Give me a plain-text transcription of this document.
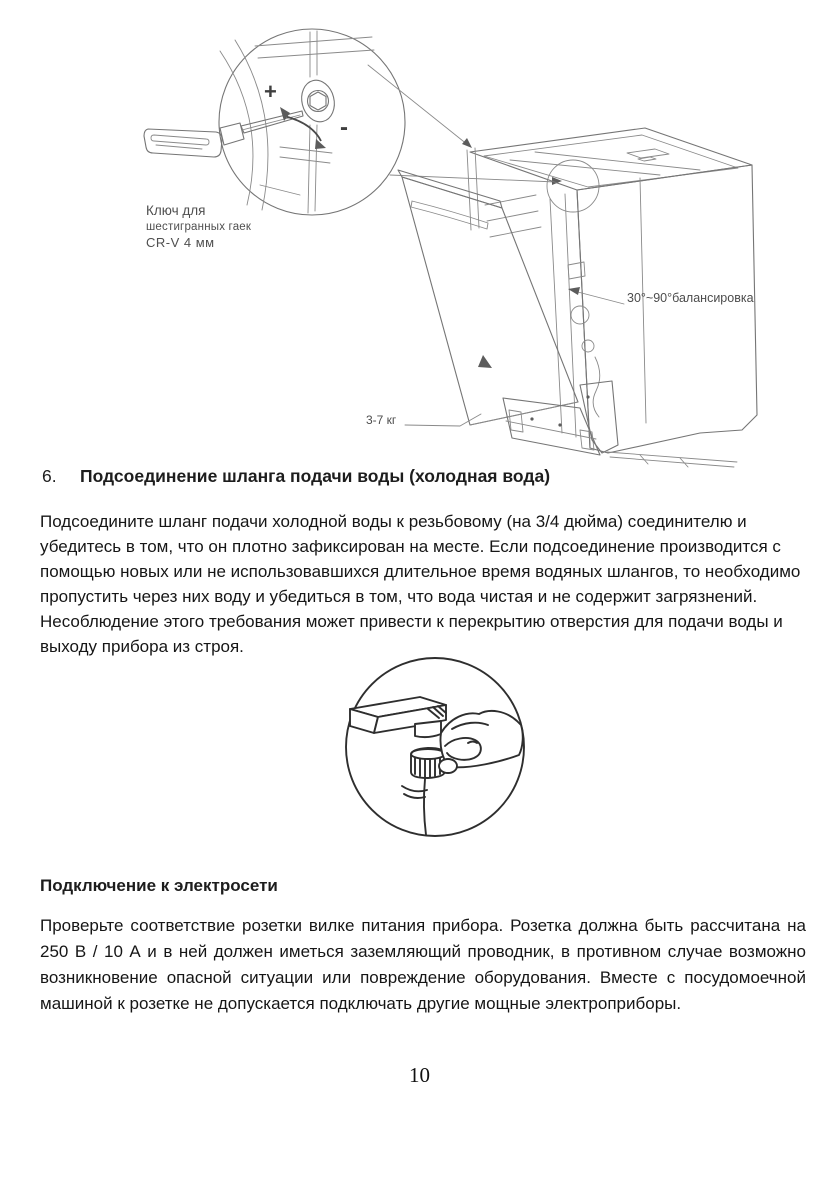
+
-
Ключ для
шестигранных гаек
CR-V 4 мм
30°~90°балансировка
3-7 кг
6. Подсоединение шланга подачи воды (холодная вода)
Подсоедините шланг подачи холодной воды к резьбовому (на 3/4 дюйма) соединителю и убедитесь в том, что он плотно зафиксирован на месте. Если подсоединение производится с помощью новых или не использовавшихся длительное время водяных шлангов, то необходимо пропустить через них воду и убедиться в том, что вода чистая и не содержит загрязнений. Несоблюдение этого требования может привести к перекрытию отверстия для подачи воды и выходу прибора из строя.
Подключение к электросети
Проверьте соответствие розетки вилке питания прибора. Розетка должна быть рассчитана на 250 В / 10 А и в ней должен иметься заземляющий проводник, в противном случае возможно возникновение опасной ситуации или повреждение оборудования. Вместе с посудомоечной машиной к розетке не допускается подключать другие мощные электроприборы.
10
